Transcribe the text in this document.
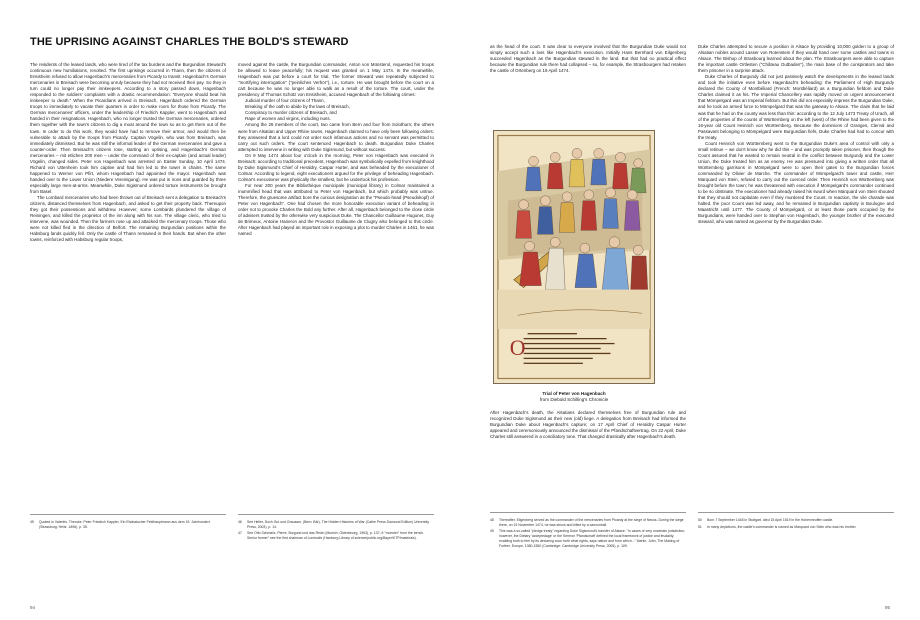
THE UPRISING AGAINST CHARLES THE BOLD'S STEWARD

The residents of the leased lands, who were tired of the tax burdens and the Burgundian Steward's continuous new humiliations, revolted. The first uprisings occurred in Thann, then the citizens of Ensisheim refused to allow Hagenbach's mercenaries from Picardy to transit. Hagenbach's German mercenaries in Breisach were becoming unruly because they had not received their pay. So they in turn could no longer pay their innkeepers. According to a story passed down, Hagenbach responded to the soldiers' complaints with a drastic recommendation: "Everyone should beat his innkeeper to death." When the Picardians arrived in Breisach, Hagenbach ordered the German troops to immediately to vacate their quarters in order to make room for those from Picardy. The German mercenaries' officers, under the leadership of Friedrich Kappler, went to Hagenbach and handed in their resignations. Hagenbach, who no longer trusted the German mercenaries, ordered them together with the town's citizens to dig a moat around the town so as to get them out of the town. In order to do this work, they would have had to remove their armor, and would then be vulnerable to attack by the troops from Picardy. Captain Vögelin, who was from Breisach, was immediately dismissed. But he was still the informal leader of the German mercenaries and gave a counter-order. Then Breisach's citizens rose, starting an uprising, and Hagenbach's German mercenaries – mit etlichen 200 men – under the command of their ex-captain (and actual leader) Vögelin, changed sides. Peter von Hagenbach was arrested on Easter Sunday, 10 April 1474. Richard von Uttenheim took him captive and had him led to the tower in chains. The same happened to Werner von Pfirt, whom Hagenbach had appointed the mayor. Hagenbach was handed over to the Lower Union (Niedere Vereinigung). He was put in irons and guarded by three especially large men-at-arms. Meanwhile, Duke Sigismund ordered torture instruments be brought from Basel.

The Lombard mercenaries who had been thrown out of Breisach sent a delegation to Breisach's citizens, distanced themselves from Hagenbach, and asked to get their property back. Thereupon they got their possessions and withdrew. However, some Lombards plundered the village of Reiningen, and killed the proprietor of the inn along with his son. The village cleric, who tried to intervene, was wounded. Then the farmers rose up and attacked the mercenary troops. Those who were not killed fled in the direction of Belfort. The remaining Burgundian positions within the Habsburg lands quickly fell. Only the castle of Thann remained in their hands. But when the other towns, reinforced with Habsburg regular troops,

moved against the castle, the Burgundian commander, Anton von Münsterol, requested his troops be allowed to leave peacefully; his request was granted on 1 May 1474. In the meanwhile, Hagenbach was put before a court for trial. The former Steward was repeatedly subjected to "mortifying interrogation" ("peinliches Verhör"), i.e., torture. He was brought before the court on a cart because he was no longer able to walk as a result of the torture. The court, under the presidency of Thomas Schütz von Ensisheim, accused Hagenbach of the following crimes:

Judicial murder of four citizens of Thann,

Breaking of the oath to abide by the laws of Breisach,

Conspiracy to murder citizens of Breisach, and

Rape of women and virgins, including nuns.

Among the 26 members of the court, two came from Bern and four from Solothurn; the others were from Alsatian and Upper Rhine towns. Hagenbach claimed to have only been following orders; they answered that a lord could not order such infamous actions and no servant was permitted to carry out such orders. The court sentenced Hagenbach to death. Burgundian Duke Charles attempted to intervene in writing with Duke Sigismund, but without success.

On 9 May 1474 about four o'clock in the morning, Peter von Hagenbach was executed in Breisach: according to traditional precedent, Hagenbach was symbolically expelled from knighthood by Duke Sigismund's Chief of Heraldry, Caspar Hurter, and was beheaded by the executioner of Colmar. According to legend, eight executioners argued for the privilege of beheading Hagenbach. Colmar's executioner was physically the smallest, but he undertook his profession.

For near 200 years the Bibliothèque municipale (municipal library) in Colmar maintained a mummified head that was attributed to Peter von Hagenbach, but which probably was untrue. Therefore, the gruesome artifact bore the curious designation as the "Pseudo-head (Pseudokopf) of Peter von Hagenbach". One had chosen the more honorable execution variant of beheading in order not to provoke Charles the Bold any further. After all, Hagenbach belonged to the close circle of advisers trusted by the otherwise very suspicious Duke. The Chancellor Guillaume Hugonet, Guy de Brimeux, Antoine Haneron and the Provostor Guillaume de Clugny also belonged to this circle. After Hagenbach had played an important role in exposing a plot to murder Charles in 1461, he was named

45	Quoted in Valentin, Theodor, Peter Friedrich Kappler, Ein Elsässischer Feldhauptmann aus dem 15. Jahrhundert (Strassburg: Heitz, 1896), p. 35.
46	See Heller, Doch Gut und Grausam, (Bern: Bär), The Hidden Histories of War (Cathe Press Diamond Edition) University Press, 2003), p. 14.
47	See Otto Schmalix, Pierre, Burgund und das Reich (Munich: Oldenbourg, 1963), p. 137; 8 "monster" from the bench. Senior former" see the first chairman of Luminalis (Hamburg Library of science/public.org/Bayer/KTP/materials).
94

as the head of the court. It was clear to everyone involved that the Burgundian Duke would not simply accept such a loss like Hagenbach's execution. Initially Hans Bernhard von Eilgenberg succeeded Hagenbach as the Burgundian steward in the land. But that had no practical effect because the Burgundian rule there had collapsed – so, for example, the Strasbourgers had retaken the castle of Ortenberg on 19 April 1474.

O
Trial of Peter von Hagenbach
from Diebold Schilling's Chronicle

After Hagenbach's death, the Alsatians declared themselves free of Burgundian rule and recognized Duke Sigismund as their new (old) liege. A delegation from Breisach had informed the Burgundian Duke about Hagenbach's capture; on 17 April Chief of Heraldry Caspar Hurter appeared and ceremoniously announced the dismissal of the Pfandschaftvertrag. On 22 April, Duke Charles still answered in a conciliatory tone. That changed drastically after Hagenbach's death.

Duke Charles attempted to secure a position in Alsace by providing 10,000 golden to a group of Alsatian nobles around Lasser von Rotenstein if they would hand over some castles and towns in Alsace. The Bishop of Strasbourg learned about the plan. The Strasbourgers were able to capture the important castle Ortlesten ("Château Outbaden"), the main base of the conspirators and take them prisoner in a surprise attack.

Duke Charles of Burgundy did not just passively watch the developments in the leased lands and took the initiative even before Hagenbach's beheading: the Parliament of High Burgundy declared the County of Montbéliard (French: Montbéliard) as a Burgundian fiefdom and Duke Charles claimed it as his. The Imperial Chancellery was rapidly moved on urgent announcement that Mömpelgard was an Imperial fiefdom. But this did not especially impress the Burgundian Duke, and he took an armed force to Mömpelgard that was the gateway to Alsace. The claim that he laid was that he had on the county was less than thin: according to the 12 July 1473 Treaty of Urach, all of the properties of the counts of Württemberg on the left (west) of the Rhine had been given to the 16-year old Count Heinrich von Württemberg. Because the dominions of Granges, Clerval and Passavant belonging to Mömpelgard were Burgundian fiefs, Duke Charles had had to concur with the treaty.

Count Heinrich von Württemberg went to the Burgundian Duke's area of control with only a small retinue – we don't know why he did this – and was promptly taken prisoner, then though the Count assured that he wanted to remain neutral in the conflict between Burgundy and the Lower Union, the Duke treated him as an enemy. He was pressured into giving a written order that all Württemberg garrisons in Mömpelgard were to open their gates to the Burgundian forces commanded by Olivier de Marche. The commander of Mömpelgard's tower and castle, Herr Marquard von Stein, refused to carry out the coerced order. Then Heinrich von Württemberg was brought before the town; he was threatened with execution if Mömpelgard's commander continued to be so obstinate. The executioner had already raised his sword when Marquard von Stein shouted that they should not capitulate even if they murdered the Count. In reaction, the vile charade was halted, the poor Count was led away, and he remained in Burgundian captivity in Boulogne and Maastricht until 1477. The County of Mömpelgard, or at least those parts occupied by the Burgundians, were handed over to Stephan von Hagenbach, the younger brother of the executed steward, who was named as governor by the Burgundian Duke.

48	Thereafter, Eilgenberg served as the commander of the mercenaries from Picardy at the siege of Neuss. During the siege there, on 19 November 1474, he was struck and killed by a cannonball.
49	This was a so-called "pledge treaty" regarding Duke Sigismund's transfer of Alsace. "In cases of very uncertain jurisdiction, however, the Dietary 'acceptedage' or the Sermon 'Pfandschaft' defined the local framework of justice and feudality, enabling both to feel by its declaring soon forth what rights, says nature and form which..." Martin, John, The Making of Further, Europe, 1380-1550 (Cambridge: Cambridge University Press, 2005), p. 109.
50	Born 7 September 1448 in Stuttgart, died 15 April 1519 in the Hohenneuffen castle.
51	In many depictions, the castle's commander is named as Marquard von Stein who was his brother.
95
